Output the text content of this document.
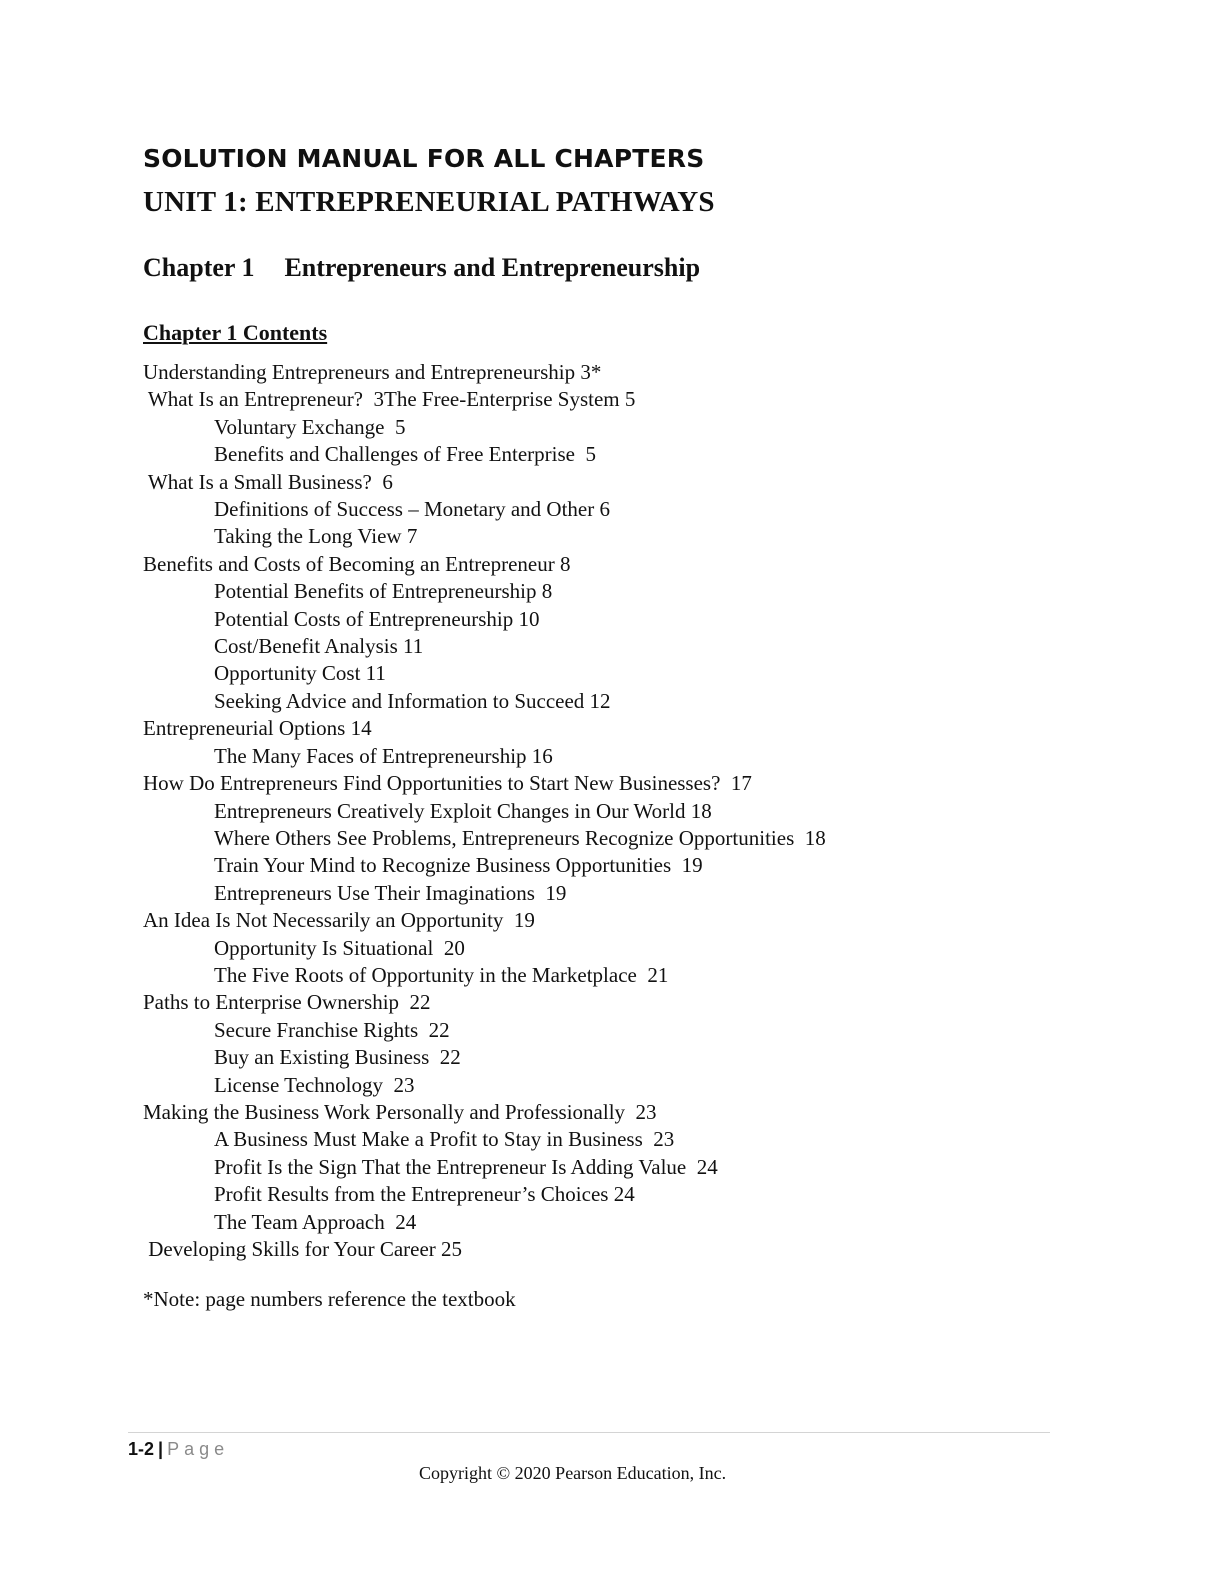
SOLUTION MANUAL FOR ALL CHAPTERS
UNIT 1: ENTREPRENEURIAL PATHWAYS
Chapter 1 Entrepreneurs and Entrepreneurship
Chapter 1 Contents
Understanding Entrepreneurs and Entrepreneurship 3*
What Is an Entrepreneur?  3The Free-Enterprise System 5
Voluntary Exchange  5
Benefits and Challenges of Free Enterprise  5
What Is a Small Business?  6
Definitions of Success – Monetary and Other 6
Taking the Long View 7
Benefits and Costs of Becoming an Entrepreneur 8
Potential Benefits of Entrepreneurship 8
Potential Costs of Entrepreneurship 10
Cost/Benefit Analysis 11
Opportunity Cost 11
Seeking Advice and Information to Succeed 12
Entrepreneurial Options 14
The Many Faces of Entrepreneurship 16
How Do Entrepreneurs Find Opportunities to Start New Businesses?  17
Entrepreneurs Creatively Exploit Changes in Our World 18
Where Others See Problems, Entrepreneurs Recognize Opportunities  18
Train Your Mind to Recognize Business Opportunities  19
Entrepreneurs Use Their Imaginations  19
An Idea Is Not Necessarily an Opportunity  19
Opportunity Is Situational  20
The Five Roots of Opportunity in the Marketplace  21
Paths to Enterprise Ownership  22
Secure Franchise Rights  22
Buy an Existing Business  22
License Technology  23
Making the Business Work Personally and Professionally  23
A Business Must Make a Profit to Stay in Business  23
Profit Is the Sign That the Entrepreneur Is Adding Value  24
Profit Results from the Entrepreneur’s Choices 24
The Team Approach  24
Developing Skills for Your Career 25
*Note: page numbers reference the textbook
1-2 | Page
Copyright © 2020 Pearson Education, Inc.
